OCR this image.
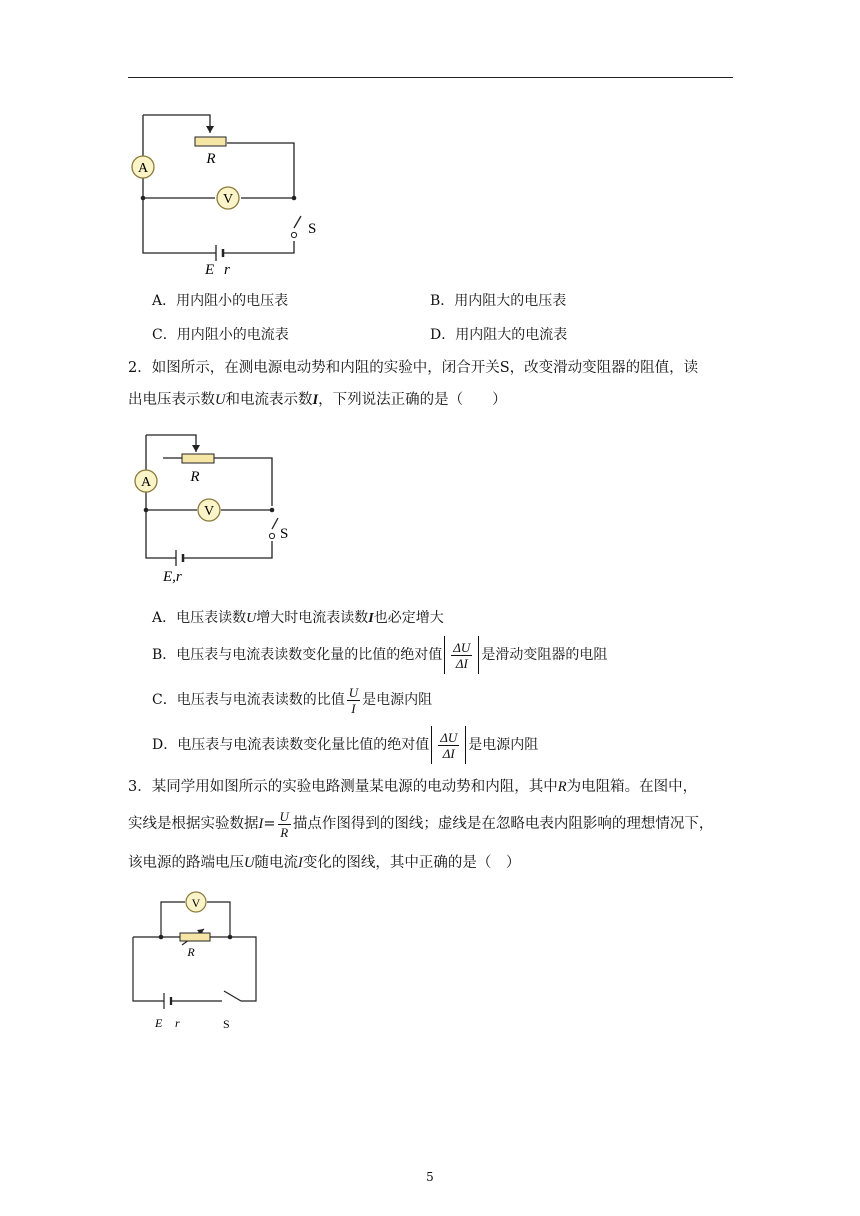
A
V
R
S
E r
A．用内阻小的电压表	B．用内阻大的电压表
C．用内阻小的电流表	D．用内阻大的电流表
2．如图所示，在测电源电动势和内阻的实验中，闭合开关S，改变滑动变阻器的阻值，读
出电压表示数U和电流表示数I，下列说法正确的是（　　）
A
V
R
S
E,r
A．电压表读数U增大时电流表读数I也必定增大
B．电压表与电流表读数变化量的比值的绝对值 $\frac{\Delta U}{\Delta I}$ 是滑动变阻器的电阻
C．电压表与电流表读数的比值 $\frac{U}{I}$ 是电源内阻
D．电压表与电流表读数变化量比值的绝对值 $\frac{\Delta U}{\Delta I}$ 是电源内阻
3．某同学用如图所示的实验电路测量某电源的电动势和内阻，其中R为电阻箱。在图中，
实线是根据实验数据$I= \frac{U}{R}$ 描点作图得到的图线；虚线是在忽略电表内阻影响的理想情况下，
该电源的路端电压U随电流I变化的图线，其中正确的是（　）
V
R
E r	S
5
